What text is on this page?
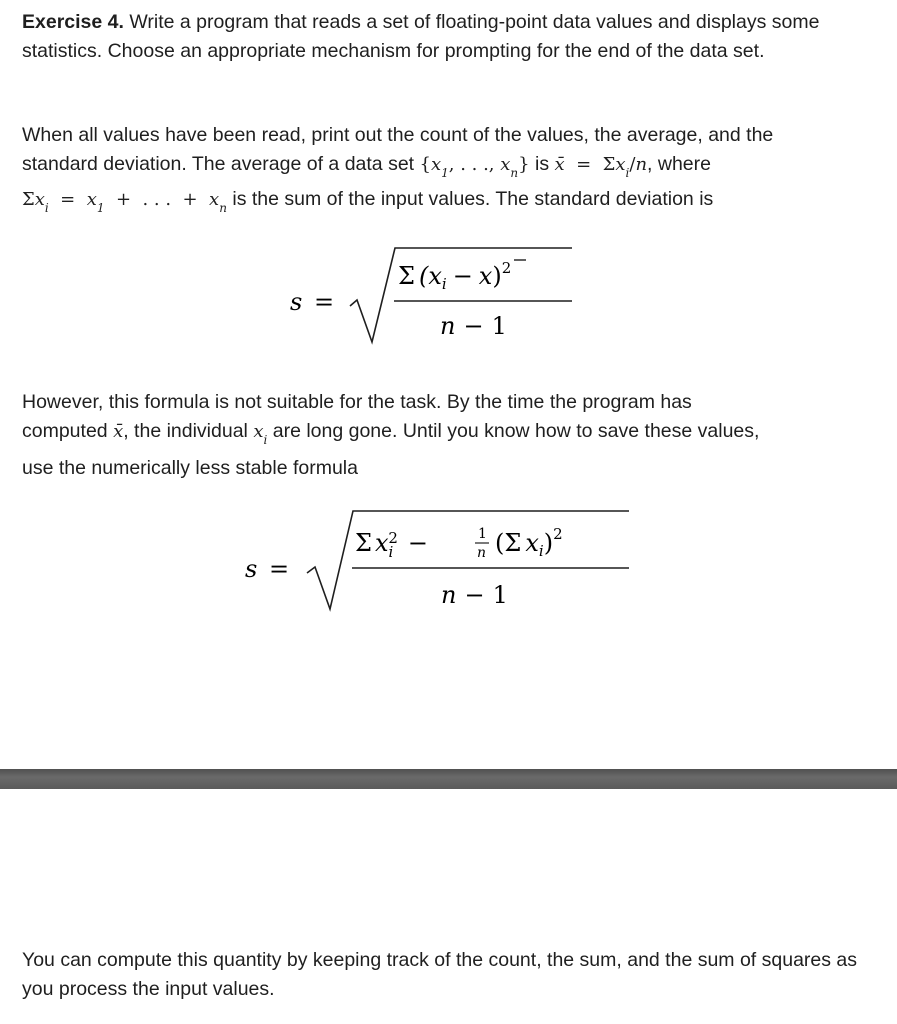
Exercise 4. Write a program that reads a set of floating-point data values and displays some statistics. Choose an appropriate mechanism for prompting for the end of the data set.

When all values have been read, print out the count of the values, the average, and the
standard deviation. The average of a data set {$x_1$, . . ., $x_n$} is x̄  =  $\Sigma x_i/n$, where
$\Sigma x_i = x_1$  +  . . .  +  $x_n$ is the sum of the input values. The standard deviation is
s =
Σ $(x_i - x)^2$
n − 1
However, this formula is not suitable for the task. By the time the program has
computed x̄, the individual $x_i$ are long gone. Until you know how to save these values,
use the numerically less stable formula
s =
Σ $x_i2$ −	1
n (Σ $x_i)^2$
n − 1

You can compute this quantity by keeping track of the count, the sum, and the sum of squares as you process the input values.
